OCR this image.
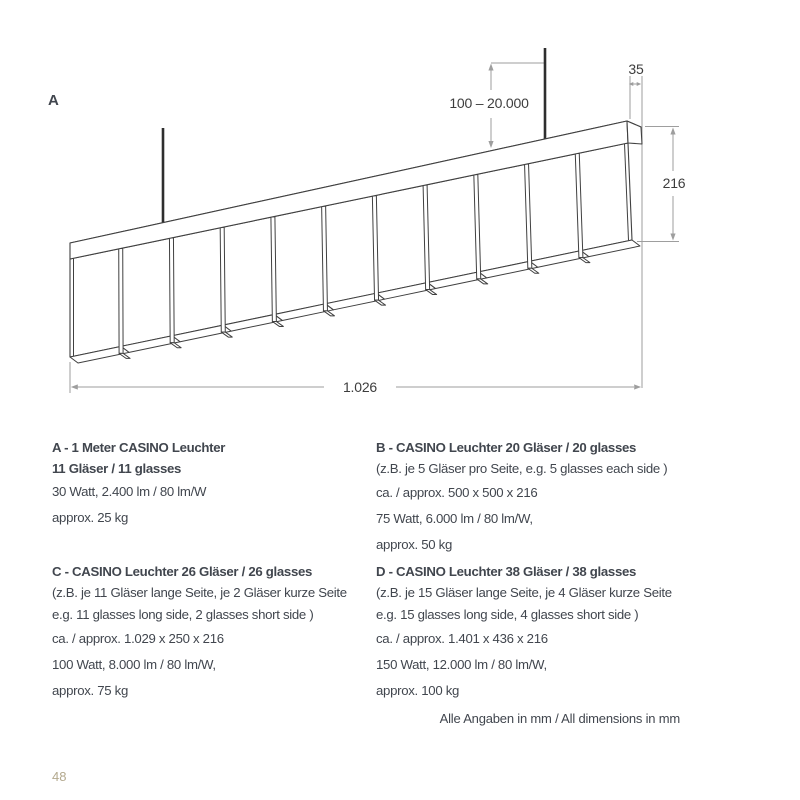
A	100 – 20.000
35
216
1.026

A - 1 Meter CASINO Leuchter

11 Gläser / 11 glasses

30 Watt, 2.400 lm / 80 lm/W

approx. 25 kg

B - CASINO Leuchter 20 Gläser / 20 glasses

(z.B. je 5 Gläser pro Seite, e.g. 5 glasses each side )

ca. / approx. 500 x 500 x 216

75 Watt, 6.000 lm / 80 lm/W,

approx. 50 kg

C - CASINO Leuchter 26 Gläser / 26 glasses

(z.B. je 11 Gläser lange Seite, je 2 Gläser kurze Seite

e.g. 11 glasses long side, 2 glasses short side )

ca. / approx. 1.029 x 250 x 216

100 Watt, 8.000 lm / 80 lm/W,

approx. 75 kg

D - CASINO Leuchter 38 Gläser / 38 glasses

(z.B. je 15 Gläser lange Seite, je 4 Gläser kurze Seite

e.g. 15 glasses long side, 4 glasses short side )

ca. / approx. 1.401 x 436 x 216

150 Watt, 12.000 lm / 80 lm/W,

approx. 100 kg

Alle Angaben in mm / All dimensions in mm
48
